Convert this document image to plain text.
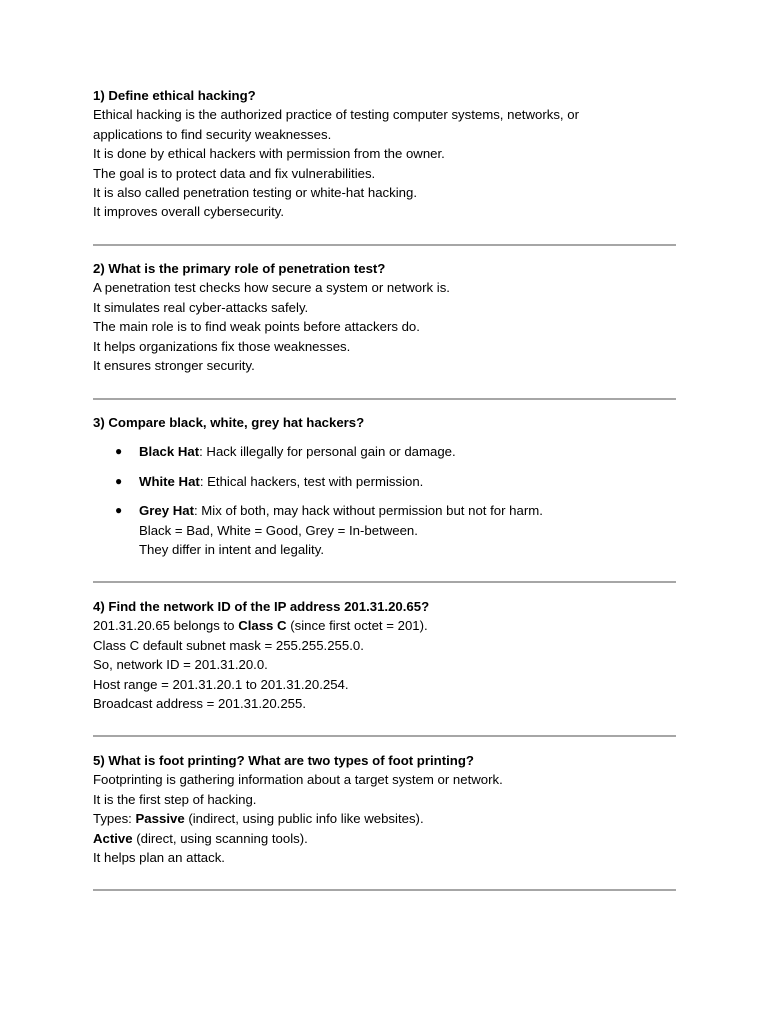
1) Define ethical hacking?
Ethical hacking is the authorized practice of testing computer systems, networks, or
applications to find security weaknesses.
It is done by ethical hackers with permission from the owner.
The goal is to protect data and fix vulnerabilities.
It is also called penetration testing or white-hat hacking.
It improves overall cybersecurity.
2) What is the primary role of penetration test?
A penetration test checks how secure a system or network is.
It simulates real cyber-attacks safely.
The main role is to find weak points before attackers do.
It helps organizations fix those weaknesses.
It ensures stronger security.
3) Compare black, white, grey hat hackers?
● Black Hat: Hack illegally for personal gain or damage.
● White Hat: Ethical hackers, test with permission.
● Grey Hat: Mix of both, may hack without permission but not for harm.
Black = Bad, White = Good, Grey = In-between.
They differ in intent and legality.
4) Find the network ID of the IP address 201.31.20.65?
201.31.20.65 belongs to Class C (since first octet = 201).
Class C default subnet mask = 255.255.255.0.
So, network ID = 201.31.20.0.
Host range = 201.31.20.1 to 201.31.20.254.
Broadcast address = 201.31.20.255.
5) What is foot printing? What are two types of foot printing?
Footprinting is gathering information about a target system or network.
It is the first step of hacking.
Types: Passive (indirect, using public info like websites).
Active (direct, using scanning tools).
It helps plan an attack.
